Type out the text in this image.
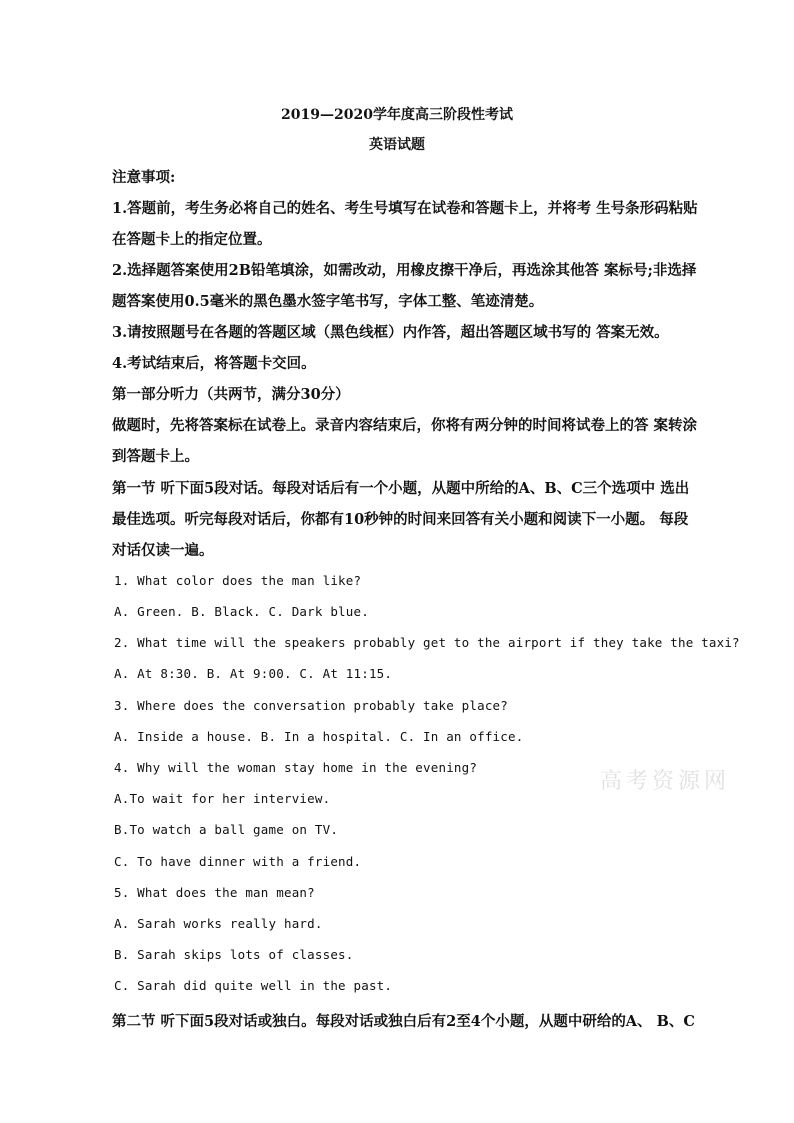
2019—2020学年度高三阶段性考试
英语试题
注意事项:
1.答题前，考生务必将自己的姓名、考生号填写在试卷和答题卡上，并将考 生号条形码粘贴
在答题卡上的指定位置。
2.选择题答案使用2B铅笔填涂，如需改动，用橡皮擦干净后，再选涂其他答 案标号;非选择
题答案使用0.5毫米的黑色墨水签字笔书写，字体工整、笔迹清楚。
3.请按照题号在各题的答题区域（黑色线框）内作答，超出答题区域书写的 答案无效。
4.考试结束后，将答题卡交回。
第一部分听力（共两节，满分30分）
做题时，先将答案标在试卷上。录音内容结束后，你将有两分钟的时间将试卷上的答 案转涂
到答题卡上。
第一节 听下面5段对话。每段对话后有一个小题，从题中所给的A、B、C三个选项中 选出
最佳选项。听完每段对话后，你都有10秒钟的时间来回答有关小题和阅读下一小题。 每段
对话仅读一遍。
1. What color does the man like?
A. Green. B. Black. C. Dark blue.
2. What time will the speakers probably get to the airport if they take the taxi?
A. At 8:30. B. At 9:00. C. At 11:15.
3. Where does the conversation probably take place?
A. Inside a house. B. In a hospital. C. In an office.
4. Why will the woman stay home in the evening?
A.To wait for her interview.
B.To watch a ball game on TV.
C. To have dinner with a friend.
5. What does the man mean?
A. Sarah works really hard.
B. Sarah skips lots of classes.
C. Sarah did quite well in the past.
第二节 听下面5段对话或独白。每段对话或独白后有2至4个小题，从题中研给的A、 B、C
高考资源网
